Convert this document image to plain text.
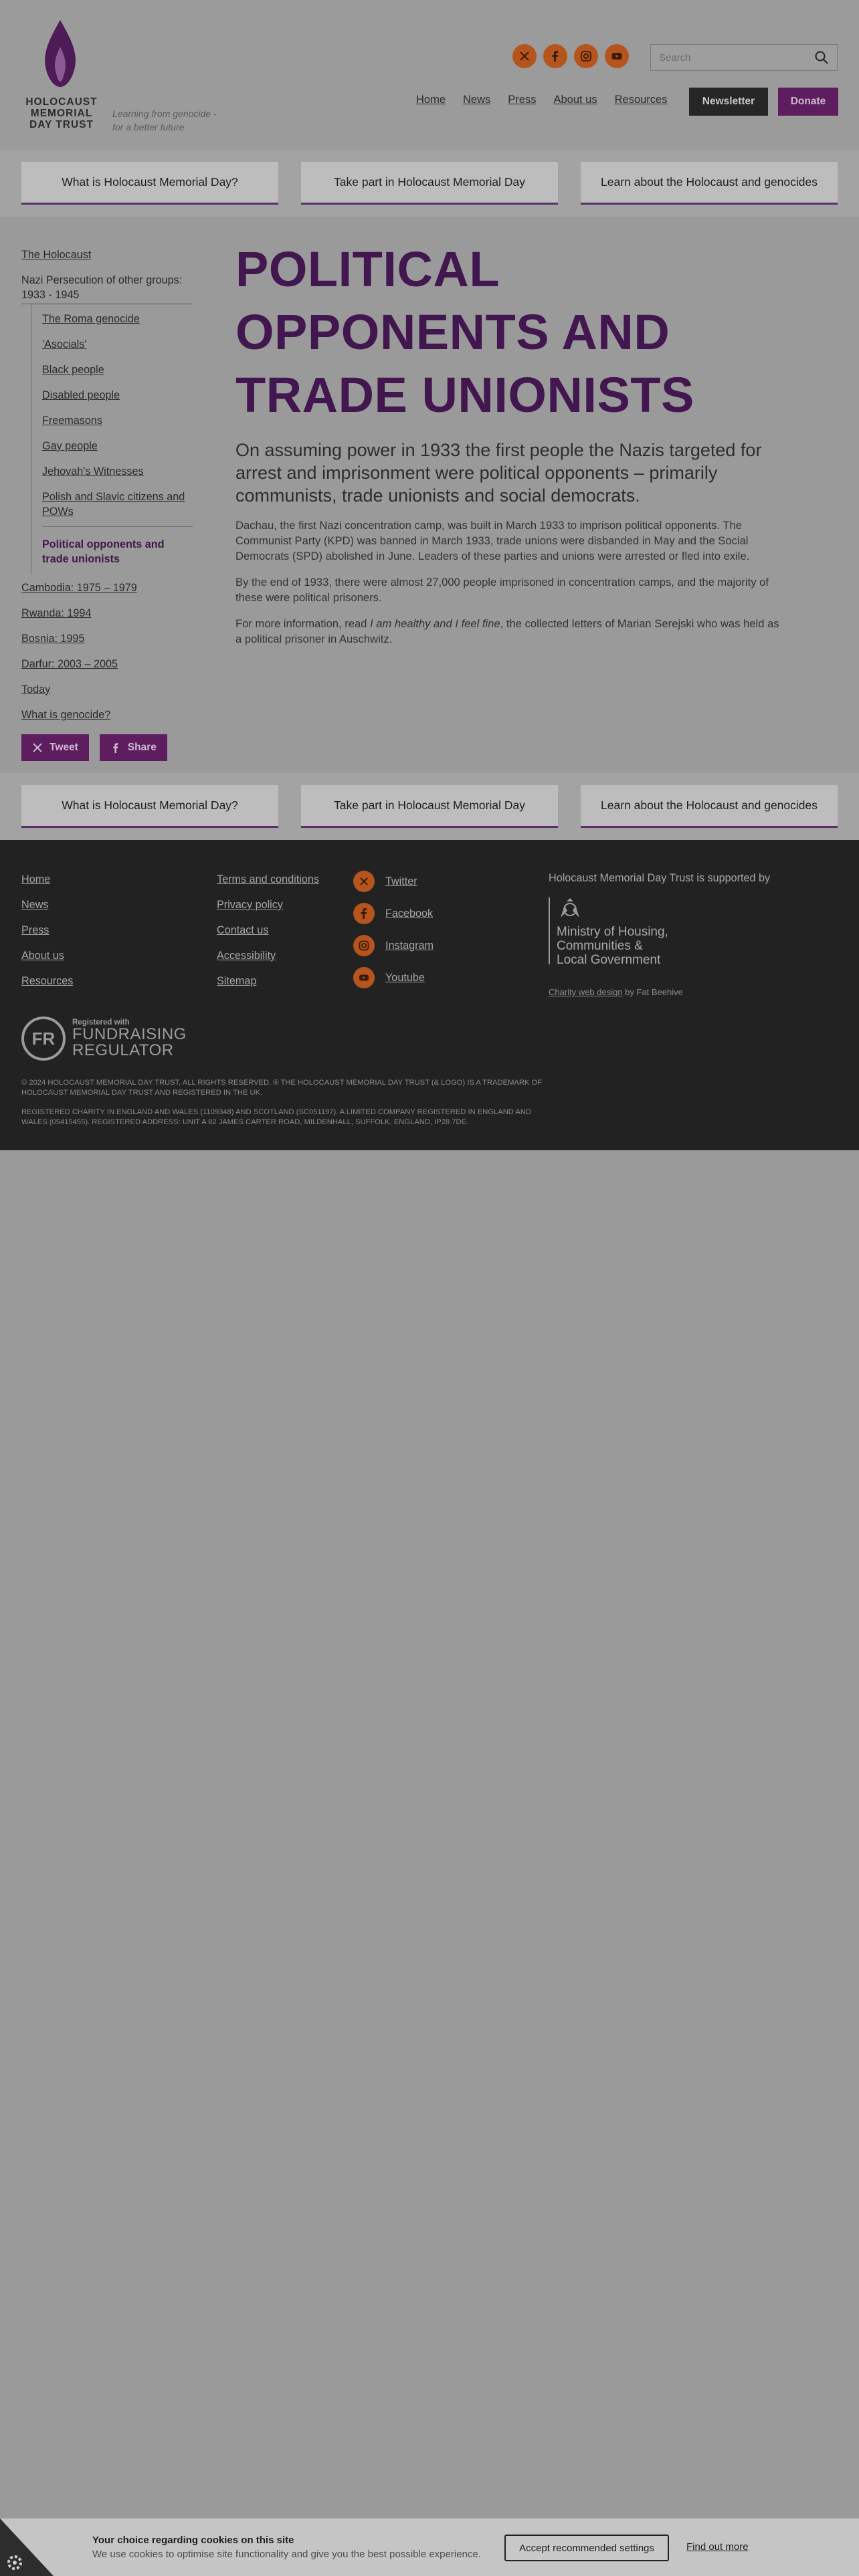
HOLOCAUST
MEMORIAL
DAY TRUST
Learning from genocide -
for a better future
Search
Home News Press About us Resources	Newsletter	Donate
What is Holocaust Memorial Day?	Take part in Holocaust Memorial Day	Learn about the Holocaust and genocides
The Holocaust
Nazi Persecution of other groups: 1933 - 1945
The Roma genocide
'Asocials'
Black people
Disabled people
Freemasons
Gay people
Jehovah's Witnesses
Polish and Slavic citizens and POWs
Political opponents and trade unionists
Cambodia: 1975 – 1979
Rwanda: 1994
Bosnia: 1995
Darfur: 2003 – 2005
Today
What is genocide?
Tweet	Share
POLITICAL OPPONENTS AND TRADE UNIONISTS

On assuming power in 1933 the first people the Nazis targeted for arrest and imprisonment were political opponents – primarily communists, trade unionists and social democrats.

Dachau, the first Nazi concentration camp, was built in March 1933 to imprison political opponents. The Communist Party (KPD) was banned in March 1933, trade unions were disbanded in May and the Social Democrats (SPD) abolished in June. Leaders of these parties and unions were arrested or fled into exile.

By the end of 1933, there were almost 27,000 people imprisoned in concentration camps, and the majority of these were political prisoners.

For more information, read I am healthy and I feel fine, the collected letters of Marian Serejski who was held as a political prisoner in Auschwitz.

What is Holocaust Memorial Day?	Take part in Holocaust Memorial Day	Learn about the Holocaust and genocides
Home
News
Press
About us
Resources
Terms and conditions
Privacy policy
Contact us
Accessibility
Sitemap
Twitter
Facebook
Instagram
Youtube
Holocaust Memorial Day Trust is supported by
Ministry of Housing,
Communities &
Local Government
Charity web design by Fat Beehive
FR
Registered with
FUNDRAISING
REGULATOR

© 2024 HOLOCAUST MEMORIAL DAY TRUST, ALL RIGHTS RESERVED. ® THE HOLOCAUST MEMORIAL DAY TRUST (& LOGO) IS A TRADEMARK OF HOLOCAUST MEMORIAL DAY TRUST AND REGISTERED IN THE UK.

REGISTERED CHARITY IN ENGLAND AND WALES (1109348) AND SCOTLAND (SC051197). A LIMITED COMPANY REGISTERED IN ENGLAND AND WALES (05415455). REGISTERED ADDRESS: UNIT A 82 JAMES CARTER ROAD, MILDENHALL, SUFFOLK, ENGLAND, IP28 7DE.

Your choice regarding cookies on this site
We use cookies to optimise site functionality and give you the best possible experience.
Accept recommended settings	Find out more
